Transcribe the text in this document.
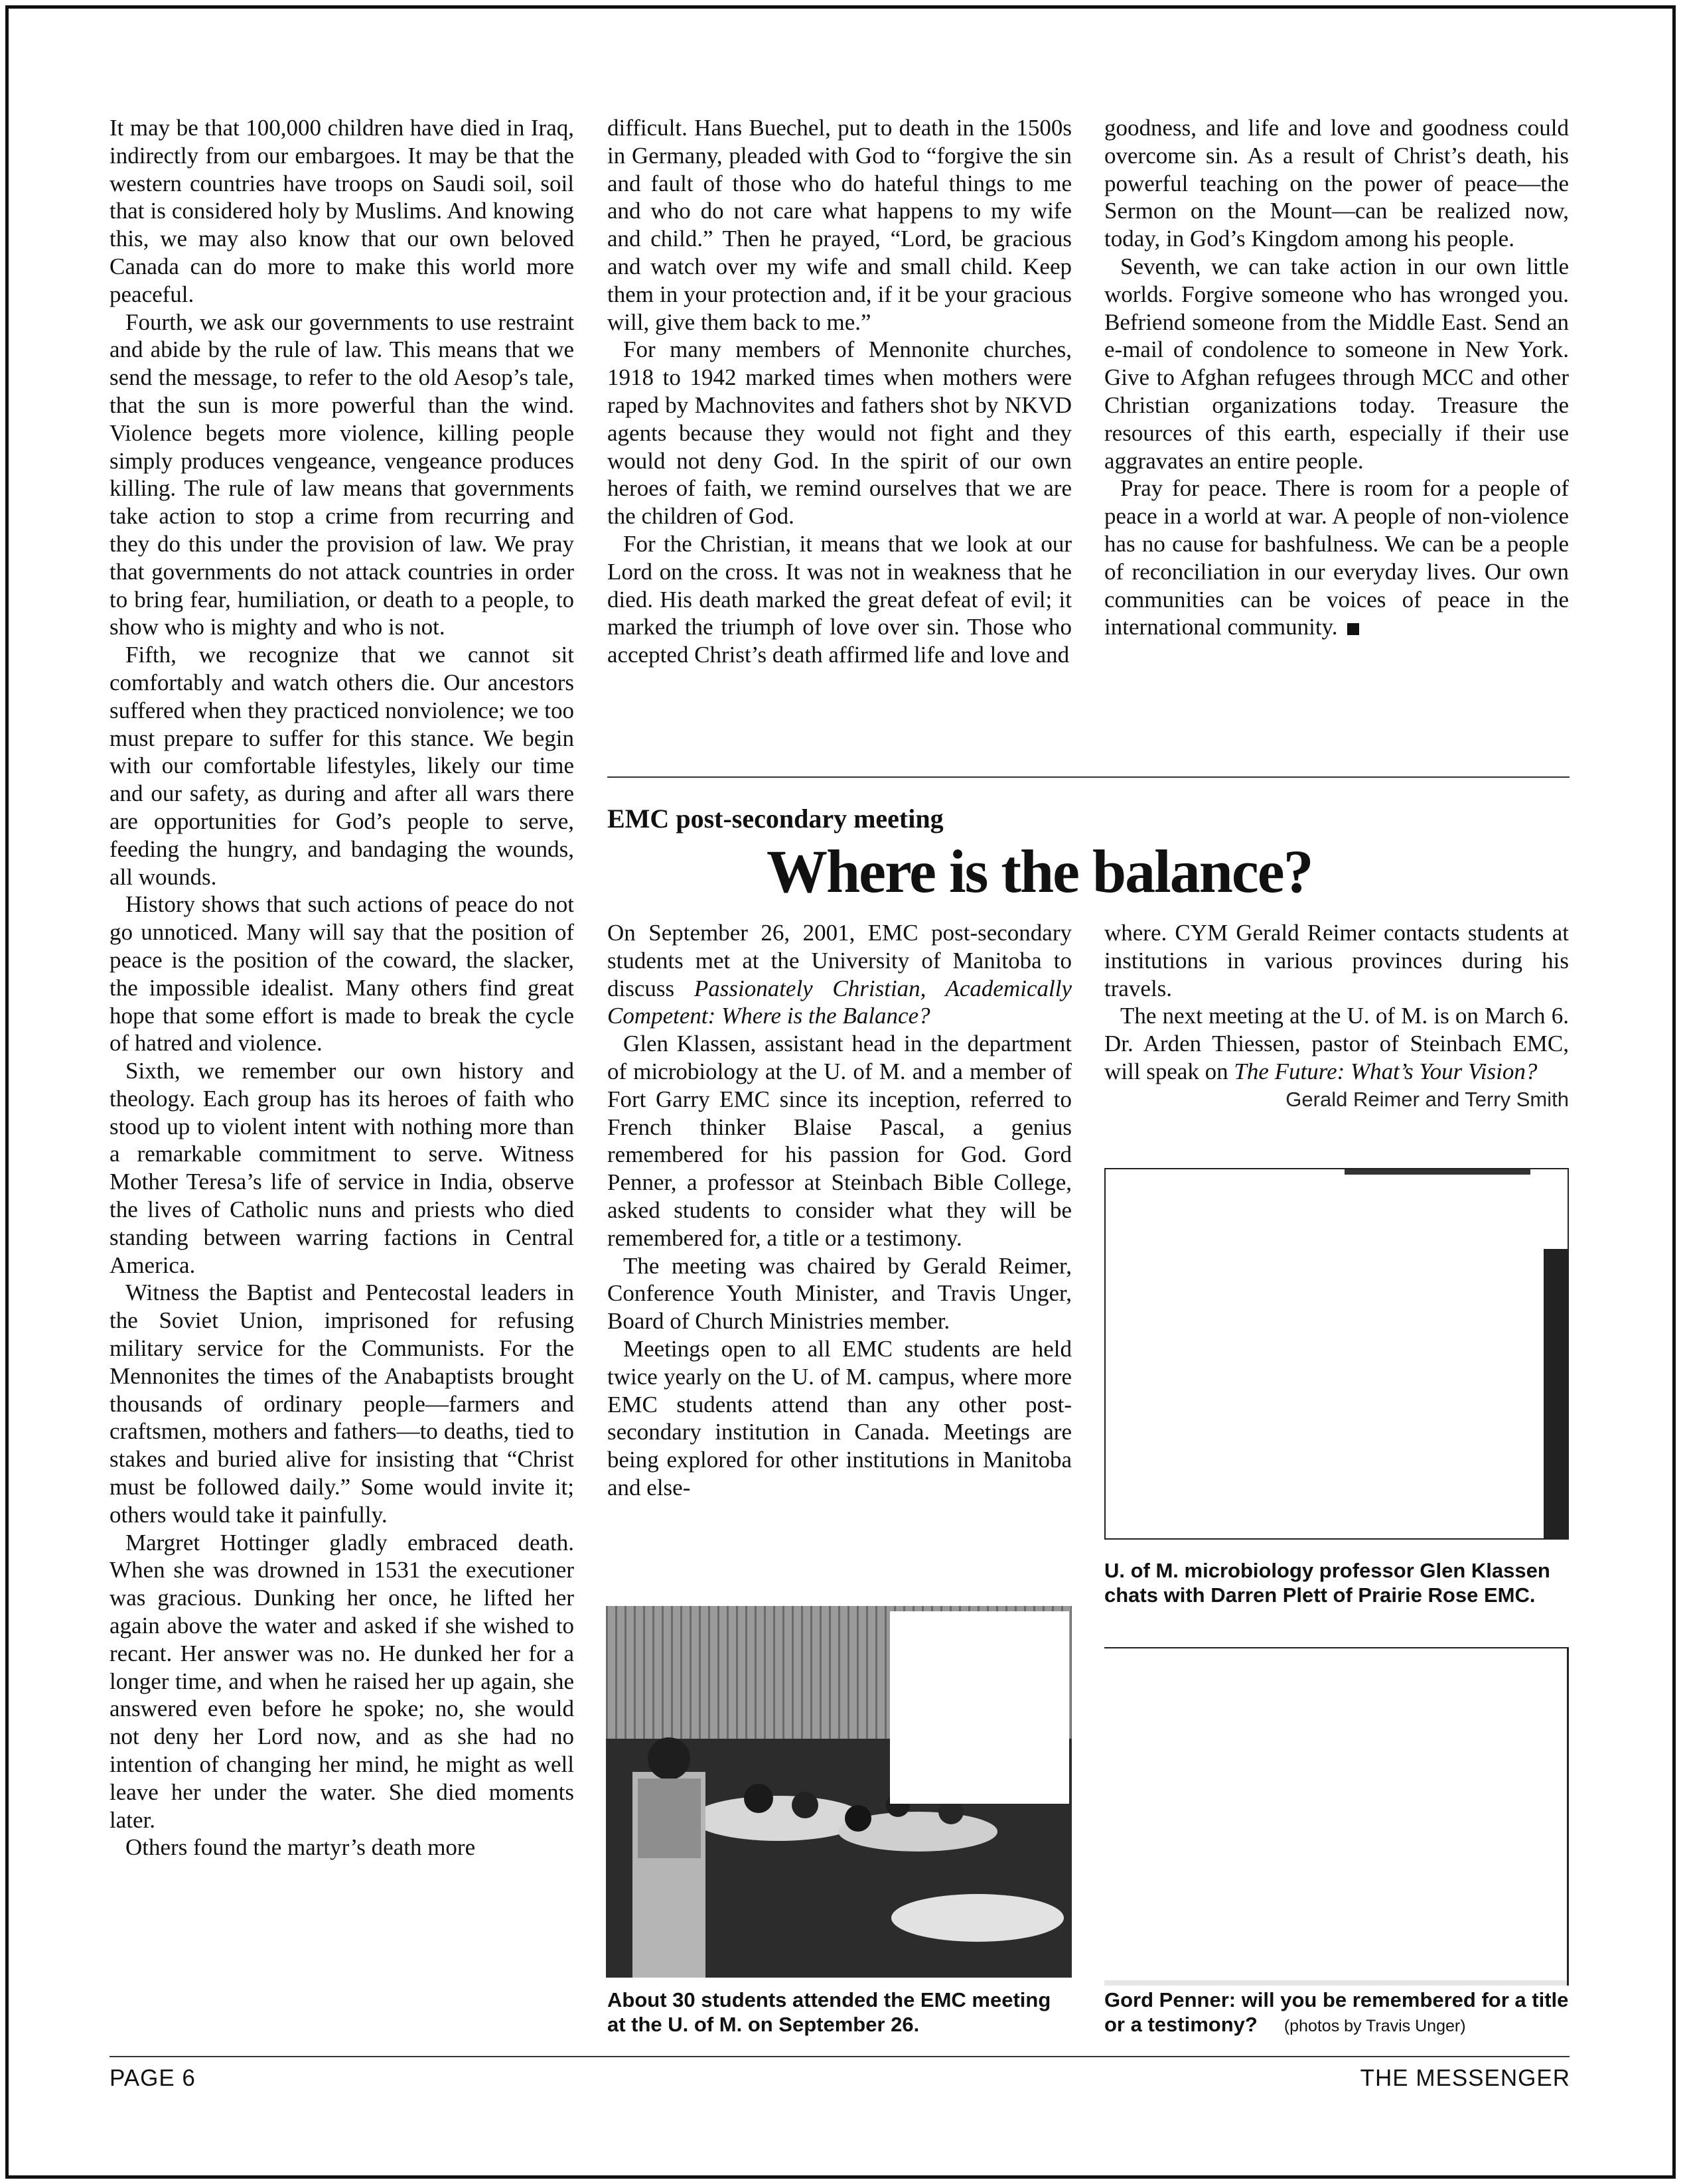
It may be that 100,000 children have died in Iraq, indirectly from our embargoes. It may be that the western countries have troops on Saudi soil, soil that is considered holy by Muslims. And knowing this, we may also know that our own beloved Canada can do more to make this world more peaceful.

Fourth, we ask our governments to use restraint and abide by the rule of law. This means that we send the message, to refer to the old Aesop’s tale, that the sun is more powerful than the wind. Violence begets more violence, killing people simply produces vengeance, vengeance produces killing. The rule of law means that governments take action to stop a crime from recurring and they do this under the provision of law. We pray that governments do not attack countries in order to bring fear, humiliation, or death to a people, to show who is mighty and who is not.

Fifth, we recognize that we cannot sit comfortably and watch others die. Our ancestors suffered when they practiced nonviolence; we too must prepare to suffer for this stance. We begin with our comfortable lifestyles, likely our time and our safety, as during and after all wars there are opportunities for God’s people to serve, feeding the hungry, and bandaging the wounds, all wounds.

History shows that such actions of peace do not go unnoticed. Many will say that the position of peace is the position of the coward, the slacker, the impossible idealist. Many others find great hope that some effort is made to break the cycle of hatred and violence.

Sixth, we remember our own history and theology. Each group has its heroes of faith who stood up to violent intent with nothing more than a remarkable commitment to serve. Witness Mother Teresa’s life of service in India, observe the lives of Catholic nuns and priests who died standing between warring factions in Central America.

Witness the Baptist and Pentecostal leaders in the Soviet Union, imprisoned for refusing military service for the Communists. For the Mennonites the times of the Anabaptists brought thousands of ordinary people—farmers and craftsmen, mothers and fathers—to deaths, tied to stakes and buried alive for insisting that “Christ must be followed daily.” Some would invite it; others would take it painfully.

Margret Hottinger gladly embraced death. When she was drowned in 1531 the executioner was gracious. Dunking her once, he lifted her again above the water and asked if she wished to recant. Her answer was no. He dunked her for a longer time, and when he raised her up again, she answered even before he spoke; no, she would not deny her Lord now, and as she had no intention of changing her mind, he might as well leave her under the water. She died moments later.

Others found the martyr’s death more

difficult. Hans Buechel, put to death in the 1500s in Germany, pleaded with God to “forgive the sin and fault of those who do hateful things to me and who do not care what happens to my wife and child.” Then he prayed, “Lord, be gracious and watch over my wife and small child. Keep them in your protection and, if it be your gracious will, give them back to me.”

For many members of Mennonite churches, 1918 to 1942 marked times when mothers were raped by Machnovites and fathers shot by NKVD agents because they would not fight and they would not deny God. In the spirit of our own heroes of faith, we remind ourselves that we are the children of God.

For the Christian, it means that we look at our Lord on the cross. It was not in weakness that he died. His death marked the great defeat of evil; it marked the triumph of love over sin. Those who accepted Christ’s death affirmed life and love and

goodness, and life and love and goodness could overcome sin. As a result of Christ’s death, his powerful teaching on the power of peace—the Sermon on the Mount—can be realized now, today, in God’s Kingdom among his people.

Seventh, we can take action in our own little worlds. Forgive someone who has wronged you. Befriend someone from the Middle East. Send an e-mail of condolence to someone in New York. Give to Afghan refugees through MCC and other Christian organizations today. Treasure the resources of this earth, especially if their use aggravates an entire people.

Pray for peace. There is room for a people of peace in a world at war. A people of non-violence has no cause for bashfulness. We can be a people of reconciliation in our everyday lives. Our own communities can be voices of peace in the international community.

EMC post-secondary meeting
Where is the balance?

On September 26, 2001, EMC post-secondary students met at the University of Manitoba to discuss Passionately Christian, Academically Competent: Where is the Balance?

Glen Klassen, assistant head in the department of microbiology at the U. of M. and a member of Fort Garry EMC since its inception, referred to French thinker Blaise Pascal, a genius remembered for his passion for God. Gord Penner, a professor at Steinbach Bible College, asked students to consider what they will be remembered for, a title or a testimony.

The meeting was chaired by Gerald Reimer, Conference Youth Minister, and Travis Unger, Board of Church Ministries member.

Meetings open to all EMC students are held twice yearly on the U. of M. campus, where more EMC students attend than any other post-secondary institution in Canada. Meetings are being explored for other institutions in Manitoba and else-

where. CYM Gerald Reimer contacts students at institutions in various provinces during his travels.

The next meeting at the U. of M. is on March 6. Dr. Arden Thiessen, pastor of Steinbach EMC, will speak on The Future: What’s Your Vision?

Gerald Reimer and Terry Smith

About 30 students attended the EMC meeting at the U. of M. on September 26.
U. of M. microbiology professor Glen Klassen chats with Darren Plett of Prairie Rose EMC.
Gord Penner: will you be remembered for a title or a testimony? (photos by Travis Unger)
PAGE 6	THE MESSENGER
